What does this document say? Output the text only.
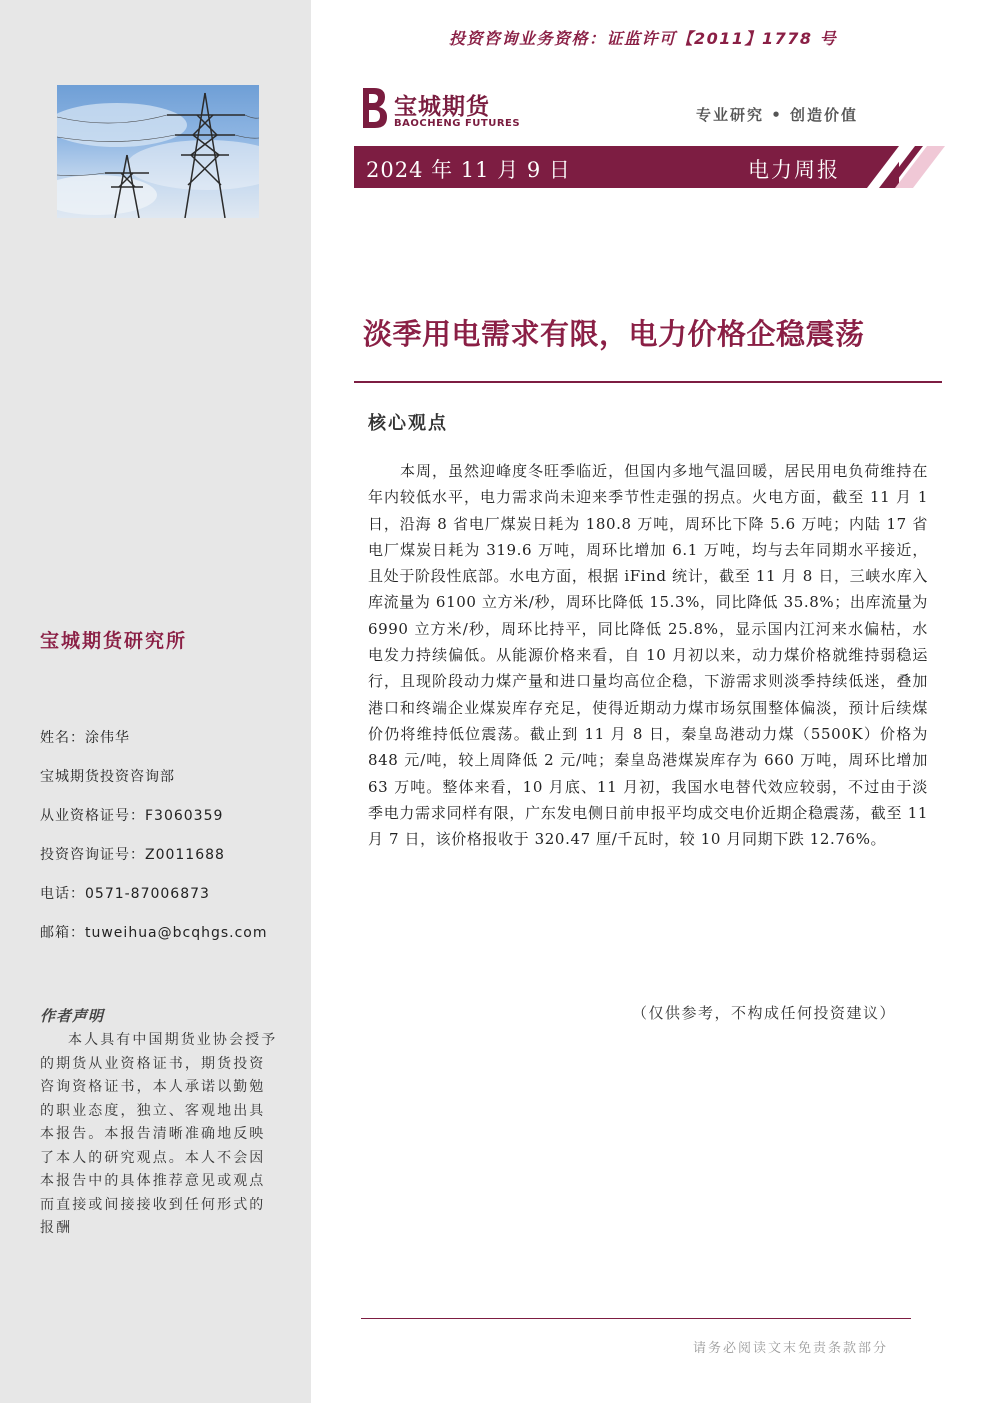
投资咨询业务资格：证监许可【2011】1778 号
宝城期货
BAOCHENG FUTURES	专业研究 • 创造价值
2024 年 11 月 9 日	电力周报
淡季用电需求有限，电力价格企稳震荡
核心观点
本周，虽然迎峰度冬旺季临近，但国内多地气温回暖，居民用电负荷维持在年内较低水平，电力需求尚未迎来季节性走强的拐点。火电方面，截至 11 月 1 日，沿海 8 省电厂煤炭日耗为 180.8 万吨，周环比下降 5.6 万吨；内陆 17 省电厂煤炭日耗为 319.6 万吨，周环比增加 6.1 万吨，均与去年同期水平接近，且处于阶段性底部。水电方面，根据 iFind 统计，截至 11 月 8 日，三峡水库入库流量为 6100 立方米/秒，周环比降低 15.3%，同比降低 35.8%；出库流量为 6990 立方米/秒，周环比持平，同比降低 25.8%，显示国内江河来水偏枯，水电发力持续偏低。从能源价格来看，自 10 月初以来，动力煤价格就维持弱稳运行，且现阶段动力煤产量和进口量均高位企稳，下游需求则淡季持续低迷，叠加港口和终端企业煤炭库存充足，使得近期动力煤市场氛围整体偏淡，预计后续煤价仍将维持低位震荡。截止到 11 月 8 日，秦皇岛港动力煤（5500K）价格为 848 元/吨，较上周降低 2 元/吨；秦皇岛港煤炭库存为 660 万吨，周环比增加 63 万吨。整体来看，10 月底、11 月初，我国水电替代效应较弱，不过由于淡季电力需求同样有限，广东发电侧日前申报平均成交电价近期企稳震荡，截至 11 月 7 日，该价格报收于 320.47 厘/千瓦时，较 10 月同期下跌 12.76%。
（仅供参考，不构成任何投资建议）
宝城期货研究所
姓名：涂伟华
宝城期货投资咨询部
从业资格证号：F3060359
投资咨询证号：Z0011688
电话：0571-87006873
邮箱：tuweihua@bcqhgs.com
作者声明
本人具有中国期货业协会授予的期货从业资格证书，期货投资咨询资格证书，本人承诺以勤勉的职业态度，独立、客观地出具本报告。本报告清晰准确地反映了本人的研究观点。本人不会因本报告中的具体推荐意见或观点而直接或间接接收到任何形式的报酬
请务必阅读文末免责条款部分
